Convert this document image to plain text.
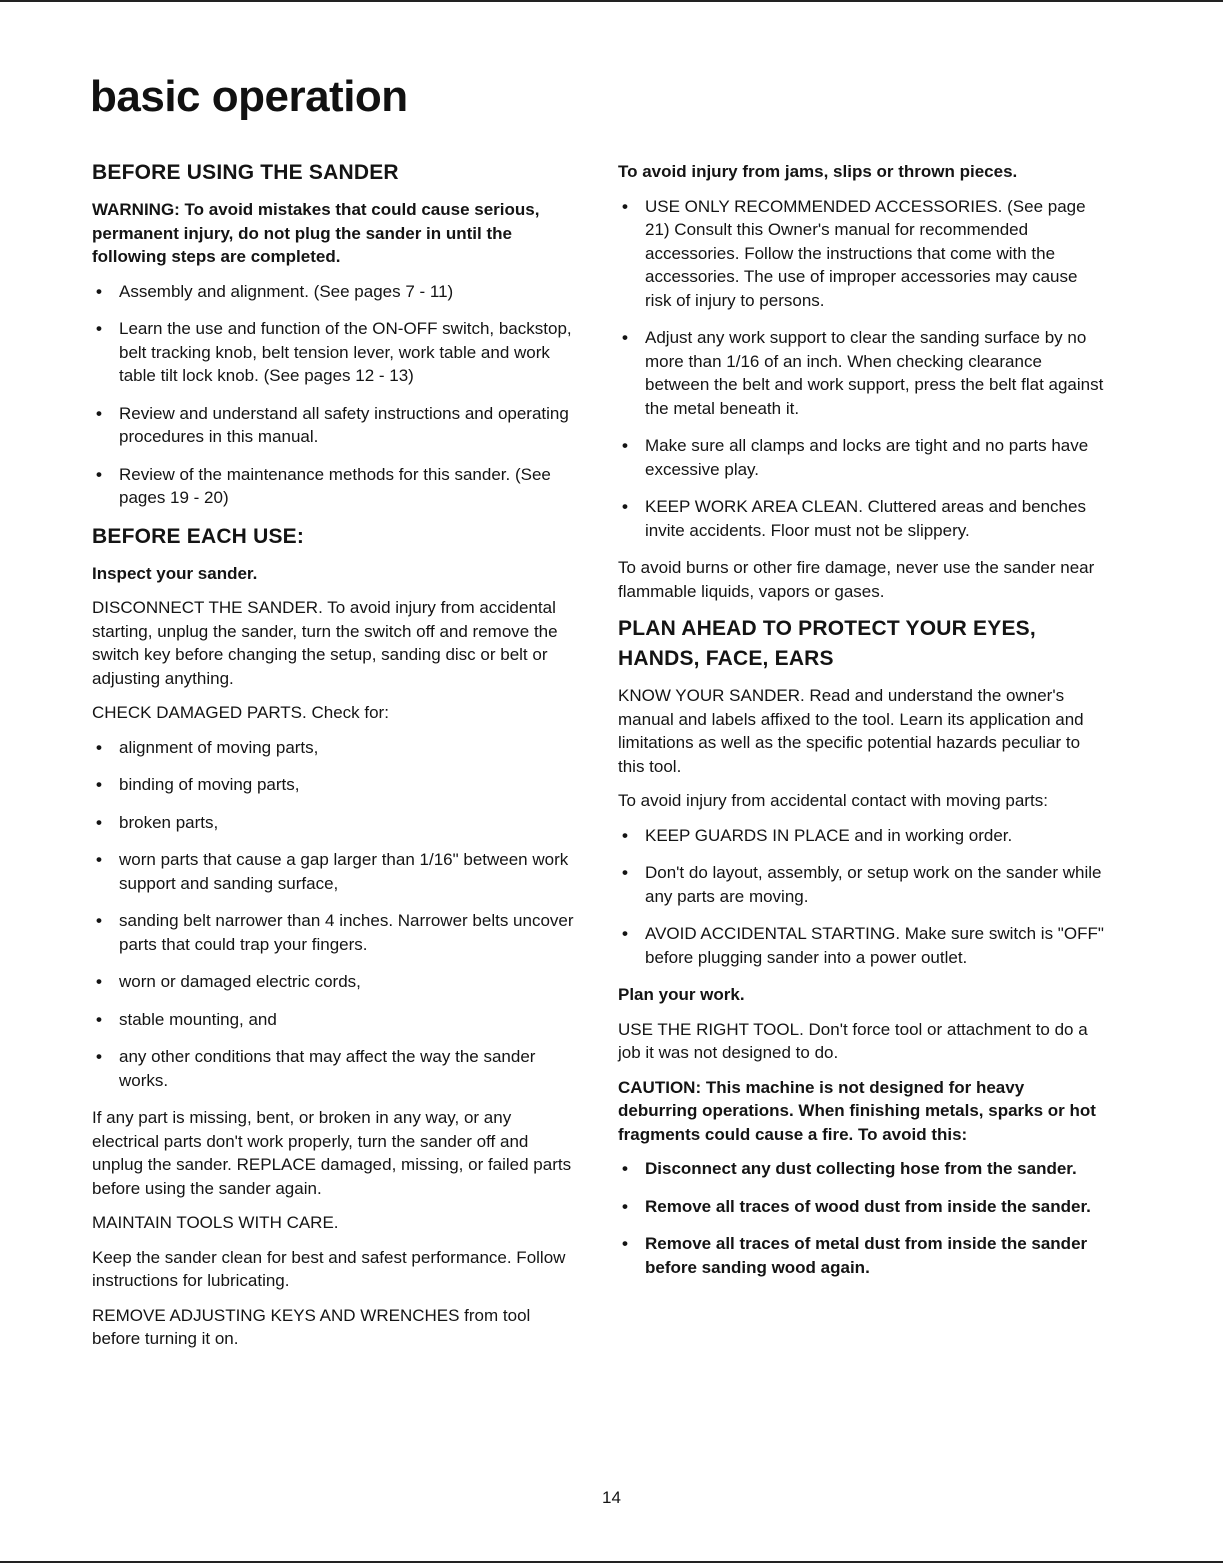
basic operation
BEFORE USING THE SANDER

WARNING: To avoid mistakes that could cause serious, permanent injury, do not plug the sander in until the following steps are completed.

• Assembly and alignment. (See pages 7 - 11)
• Learn the use and function of the ON-OFF switch, backstop, belt tracking knob, belt tension lever, work table and work table tilt lock knob. (See pages 12 - 13)
• Review and understand all safety instructions and operating procedures in this manual.
• Review of the maintenance methods for this sander. (See pages 19 - 20)
BEFORE EACH USE:

Inspect your sander.

DISCONNECT THE SANDER. To avoid injury from accidental starting, unplug the sander, turn the switch off and remove the switch key before changing the setup, sanding disc or belt or adjusting anything.

CHECK DAMAGED PARTS. Check for:

• alignment of moving parts,
• binding of moving parts,
• broken parts,
• worn parts that cause a gap larger than 1/16" between work support and sanding surface,
• sanding belt narrower than 4 inches. Narrower belts uncover parts that could trap your fingers.
• worn or damaged electric cords,
• stable mounting, and
• any other conditions that may affect the way the sander works.

If any part is missing, bent, or broken in any way, or any electrical parts don't work properly, turn the sander off and unplug the sander. REPLACE damaged, missing, or failed parts before using the sander again.

MAINTAIN TOOLS WITH CARE.

Keep the sander clean for best and safest performance. Follow instructions for lubricating.

REMOVE ADJUSTING KEYS AND WRENCHES from tool before turning it on.

To avoid injury from jams, slips or thrown pieces.

• USE ONLY RECOMMENDED ACCESSORIES. (See page 21) Consult this Owner's manual for recommended accessories. Follow the instructions that come with the accessories. The use of improper accessories may cause risk of injury to persons.
• Adjust any work support to clear the sanding surface by no more than 1/16 of an inch. When checking clearance between the belt and work support, press the belt flat against the metal beneath it.
• Make sure all clamps and locks are tight and no parts have excessive play.
• KEEP WORK AREA CLEAN. Cluttered areas and benches invite accidents. Floor must not be slippery.

To avoid burns or other fire damage, never use the sander near flammable liquids, vapors or gases.

PLAN AHEAD TO PROTECT YOUR EYES, HANDS, FACE, EARS

KNOW YOUR SANDER. Read and understand the owner's manual and labels affixed to the tool. Learn its application and limitations as well as the specific potential hazards peculiar to this tool.

To avoid injury from accidental contact with moving parts:

• KEEP GUARDS IN PLACE and in working order.
• Don't do layout, assembly, or setup work on the sander while any parts are moving.
• AVOID ACCIDENTAL STARTING. Make sure switch is "OFF" before plugging sander into a power outlet.

Plan your work.

USE THE RIGHT TOOL. Don't force tool or attachment to do a job it was not designed to do.

CAUTION: This machine is not designed for heavy deburring operations. When finishing metals, sparks or hot fragments could cause a fire. To avoid this:

• Disconnect any dust collecting hose from the sander.
• Remove all traces of wood dust from inside the sander.
• Remove all traces of metal dust from inside the sander before sanding wood again.
14
